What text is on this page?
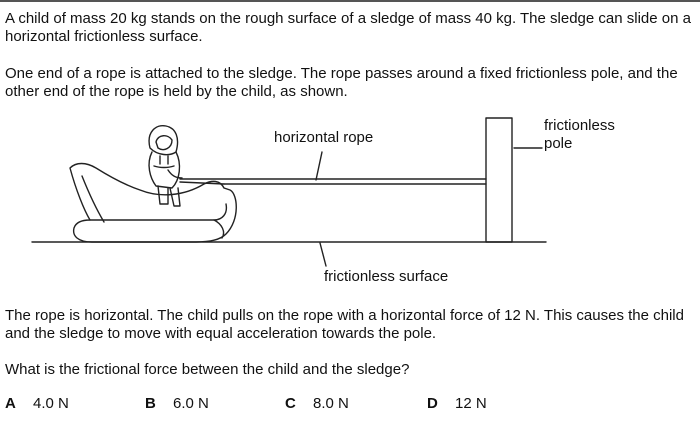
A child of mass 20 kg stands on the rough surface of a sledge of mass 40 kg. The sledge can slide on a horizontal frictionless surface.

One end of a rope is attached to the sledge. The rope passes around a fixed frictionless pole, and the other end of the rope is held by the child, as shown.

horizontal rope

frictionless
pole

frictionless surface

The rope is horizontal. The child pulls on the rope with a horizontal force of 12 N. This causes the child and the sledge to move with equal acceleration towards the pole.

What is the frictional force between the child and the sledge?

A 4.0 N	B 6.0 N	C 8.0 N	D 12 N
